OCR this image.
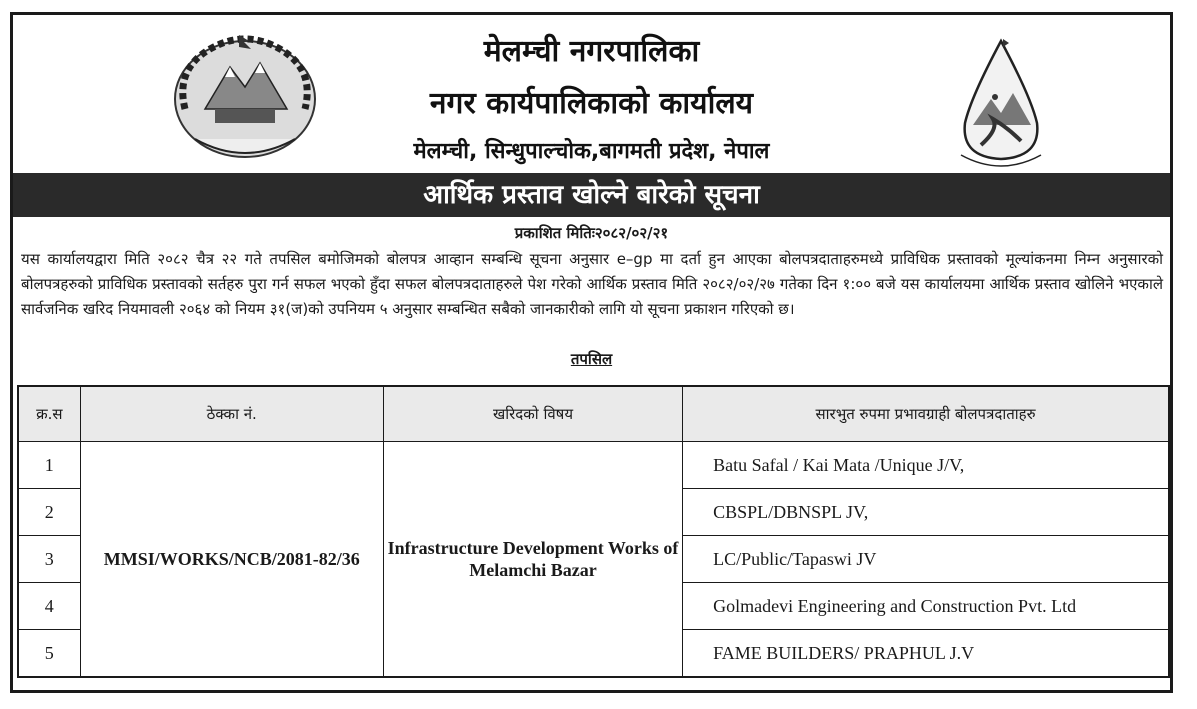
मेलम्ची नगरपालिका
नगर कार्यपालिकाको कार्यालय
मेलम्ची, सिन्धुपाल्चोक,बागमती प्रदेश, नेपाल
आर्थिक प्रस्ताव खोल्ने बारेको सूचना
प्रकाशित मितिः२०८२/०२/२१
यस कार्यालयद्वारा मिति २०८२ चैत्र २२ गते तपसिल बमोजिमको बोलपत्र आव्हान सम्बन्धि सूचना अनुसार e–gp मा दर्ता हुन आएका बोलपत्रदाताहरुमध्ये प्राविधिक प्रस्तावको मूल्यांकनमा निम्न अनुसारको बोलपत्रहरुको प्राविधिक प्रस्तावको सर्तहरु पुरा गर्न सफल भएको हुँदा सफल बोलपत्रदाताहरुले पेश गरेको आर्थिक प्रस्ताव मिति २०८२/०२/२७ गतेका दिन १:०० बजे यस कार्यालयमा आर्थिक प्रस्ताव खोलिने भएकाले सार्वजनिक खरिद नियमावली २०६४ को नियम ३१(ज)को उपनियम ५ अनुसार सम्बन्धित सबैको जानकारीको लागि यो सूचना प्रकाशन गरिएको छ।
तपसिल
क्र.स	ठेक्का नं.	खरिदको विषय	सारभुत रुपमा प्रभावग्राही बोलपत्रदाताहरु
1	MMSI/WORKS/NCB/2081-82/36	Infrastructure Development Works of Melamchi Bazar	Batu Safal / Kai Mata /Unique J/V,
2			CBSPL/DBNSPL JV,
3			LC/Public/Tapaswi JV
4			Golmadevi Engineering and Construction Pvt. Ltd
5			FAME BUILDERS/ PRAPHUL J.V
